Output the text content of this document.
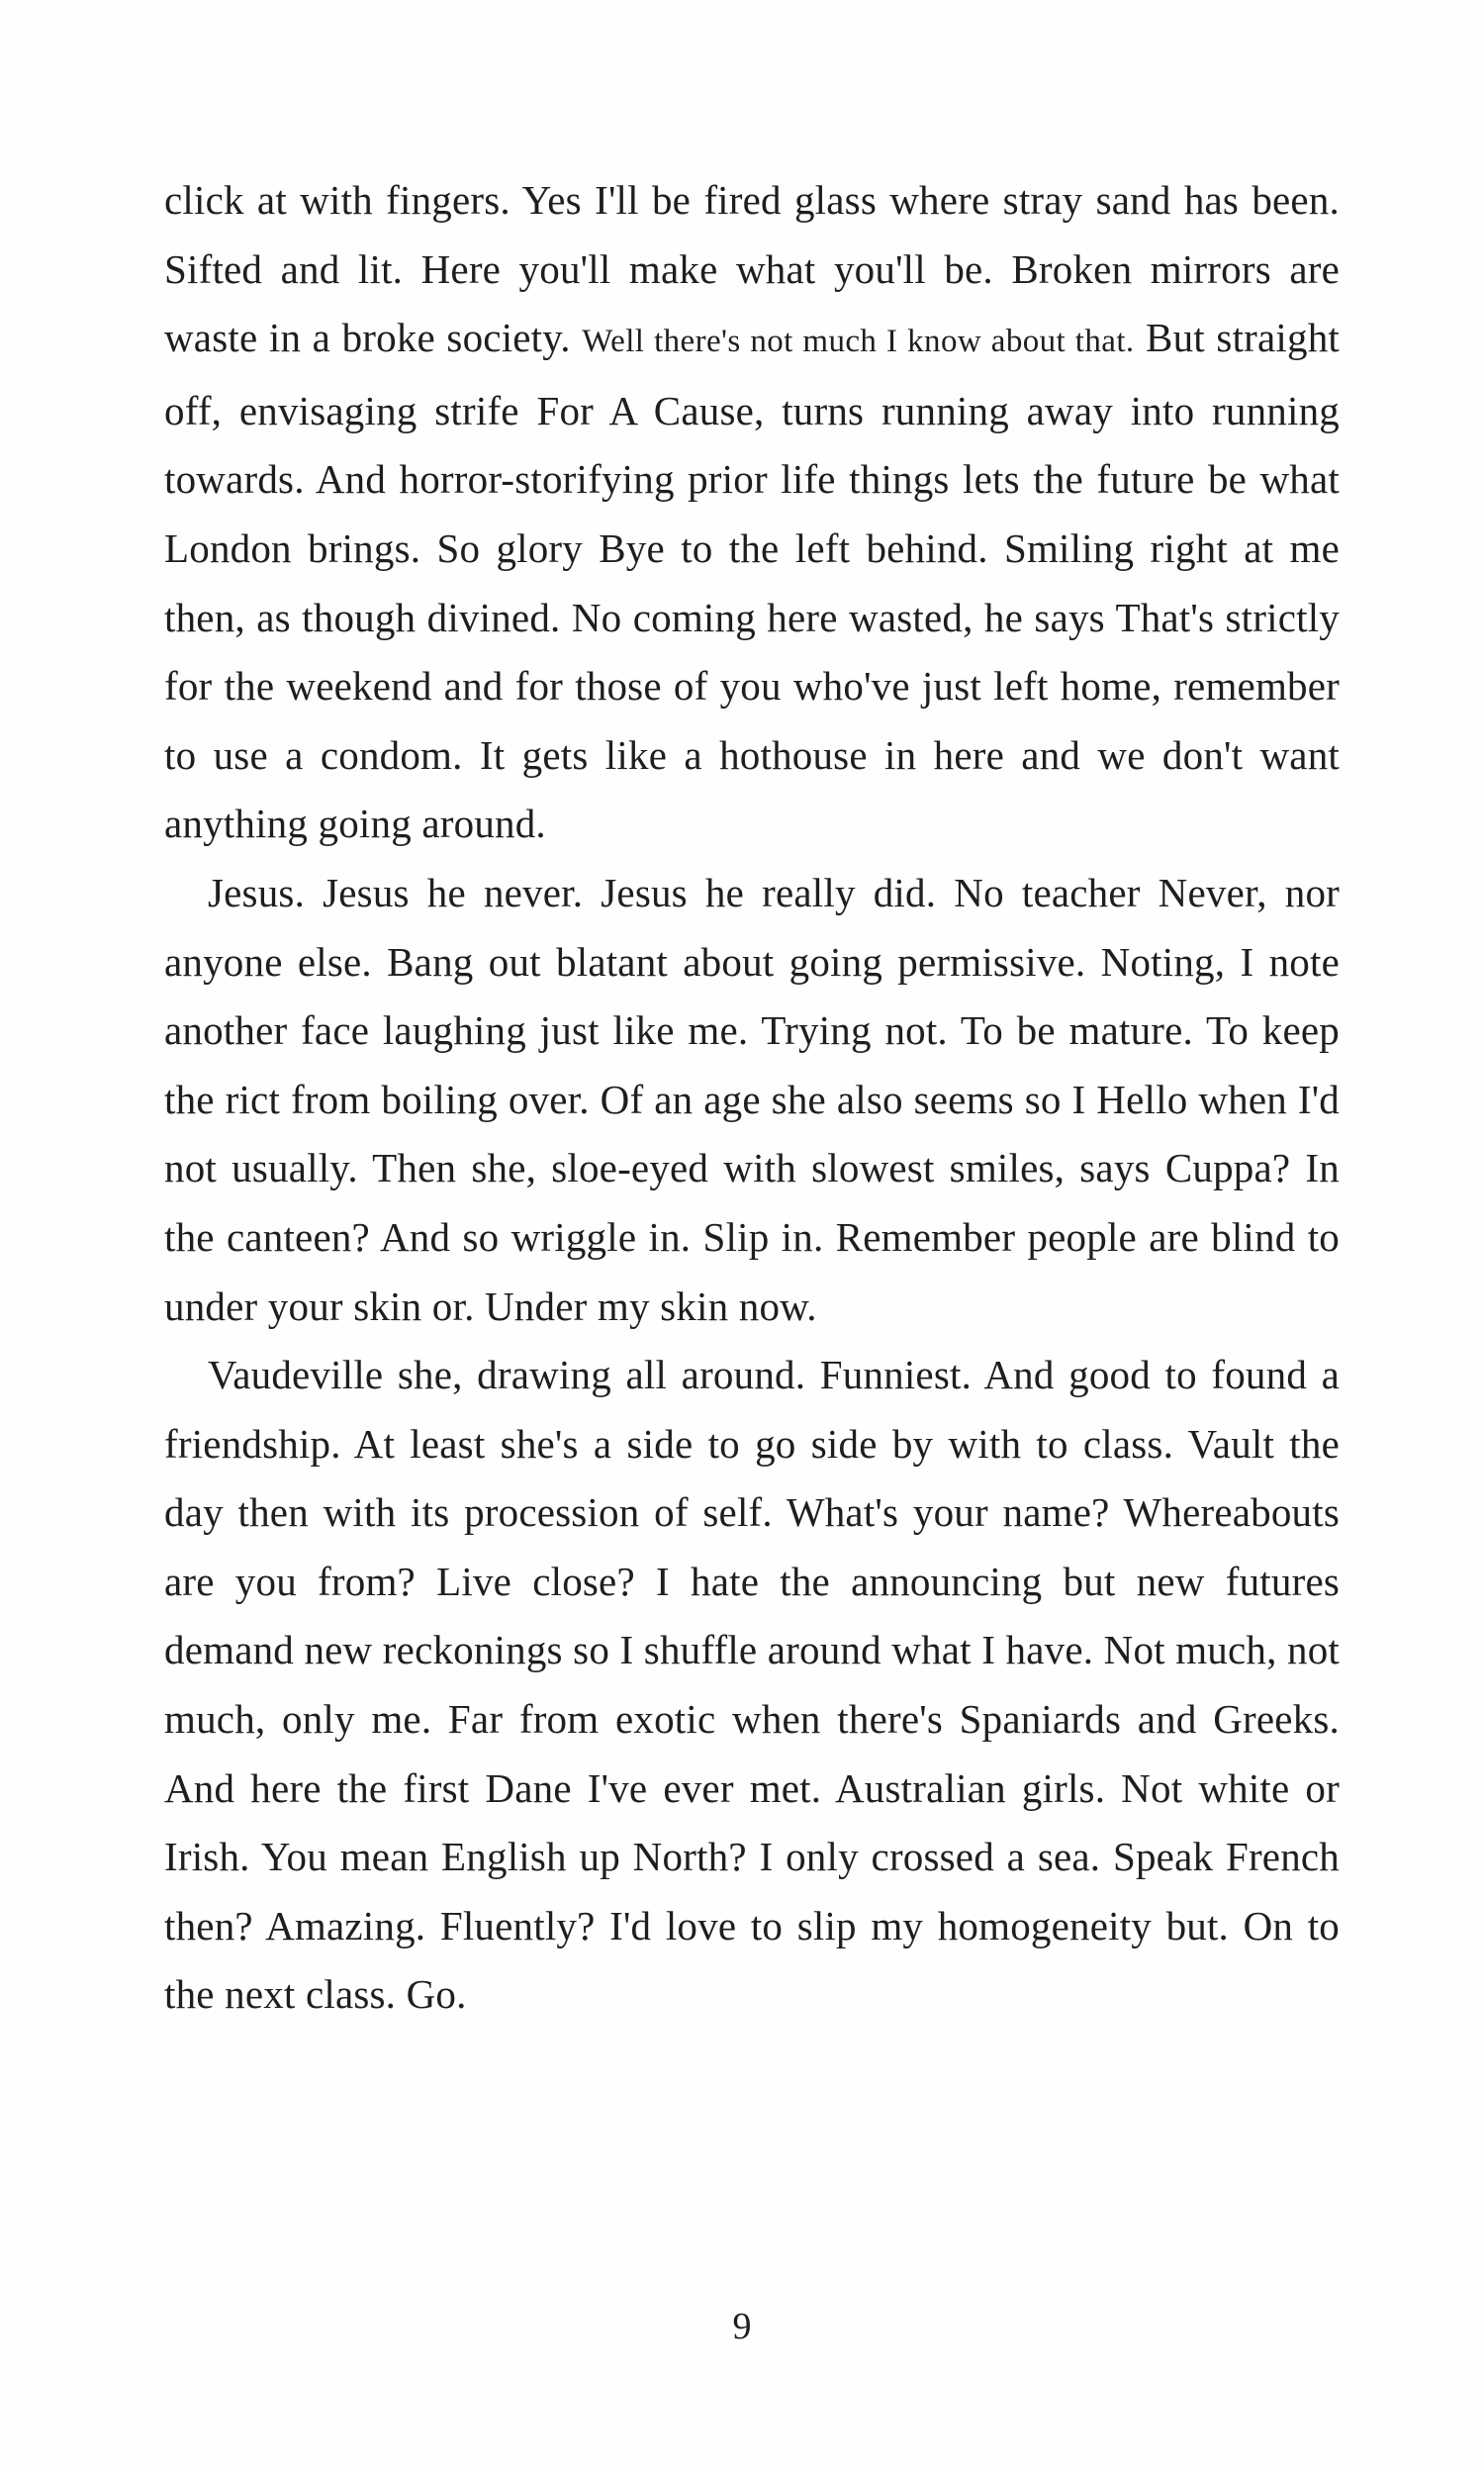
click at with fingers. Yes I'll be fired glass where stray sand has been. Sifted and lit. Here you'll make what you'll be. Broken mirrors are waste in a broke society. Well there's not much I know about that. But straight off, envisaging strife For A Cause, turns running away into running towards. And horror-storifying prior life things lets the future be what London brings. So glory Bye to the left behind. Smiling right at me then, as though divined. No coming here wasted, he says That's strictly for the weekend and for those of you who've just left home, remember to use a condom. It gets like a hothouse in here and we don't want anything going around.

Jesus. Jesus he never. Jesus he really did. No teacher Never, nor anyone else. Bang out blatant about going permissive. Noting, I note another face laughing just like me. Trying not. To be mature. To keep the rict from boiling over. Of an age she also seems so I Hello when I'd not usually. Then she, sloe-eyed with slowest smiles, says Cuppa? In the canteen? And so wriggle in. Slip in. Remember people are blind to under your skin or. Under my skin now.

Vaudeville she, drawing all around. Funniest. And good to found a friendship. At least she's a side to go side by with to class. Vault the day then with its procession of self. What's your name? Whereabouts are you from? Live close? I hate the announcing but new futures demand new reckonings so I shuffle around what I have. Not much, not much, only me. Far from exotic when there's Spaniards and Greeks. And here the first Dane I've ever met. Australian girls. Not white or Irish. You mean English up North? I only crossed a sea. Speak French then? Amazing. Fluently? I'd love to slip my homogeneity but. On to the next class. Go.

9
